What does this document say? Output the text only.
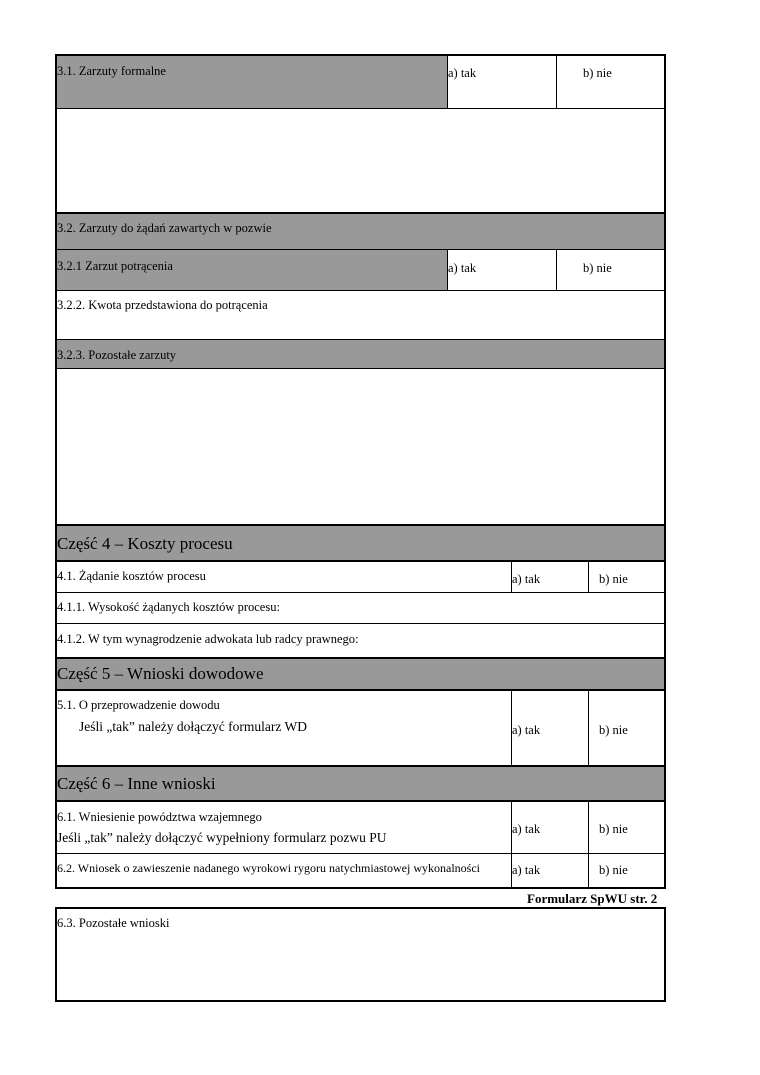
3.1. Zarzuty formalne	a) tak	b) nie
3.2. Zarzuty do żądań zawartych w pozwie
3.2.1 Zarzut potrącenia	a) tak	b) nie
3.2.2. Kwota przedstawiona do potrącenia
3.2.3. Pozostałe zarzuty
Część 4 – Koszty procesu
4.1. Żądanie kosztów procesu	a) tak	b) nie
4.1.1. Wysokość żądanych kosztów procesu:
4.1.2. W tym wynagrodzenie adwokata lub radcy prawnego:
Część 5 – Wnioski dowodowe
5.1. O przeprowadzenie dowodu
Jeśli „tak” należy dołączyć formularz WD	a) tak	b) nie
Część 6 – Inne wnioski
6.1. Wniesienie powództwa wzajemnego
Jeśli „tak” należy dołączyć wypełniony formularz pozwu PU
a) tak	b) nie
6.2. Wniosek o zawieszenie nadanego wyrokowi rygoru natychmiastowej wykonalności	a) tak	b) nie
Formularz SpWU str. 2
6.3. Pozostałe wnioski
